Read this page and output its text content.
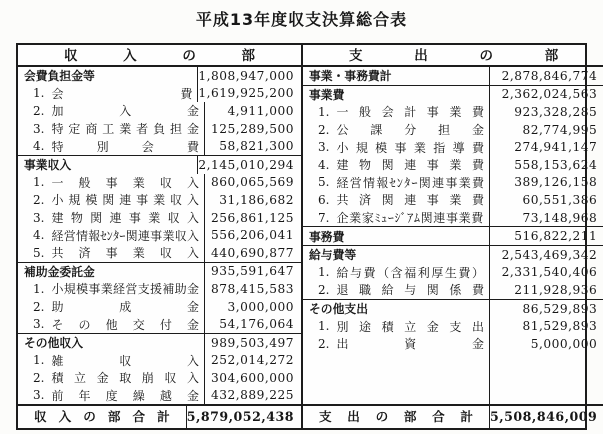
平成13年度収支決算総合表
収入の部
会費負担金等	1,808,947,000
1. 会費 1,619,925,200
2. 加入金	4,911,000
3. 特定商工業者負担金 125,289,500
4. 特別会費	58,821,300
事業収入	2,145,010,294
1. 一般事業収入 860,065,569
2. 小規模関連事業収入	31,186,682
3. 建物関連事業収入 256,861,125
4. 経営情報ｾﾝﾀｰ関連事業収入 556,206,041
5. 共済事業収入 440,690,877
補助金委託金	935,591,647
1. 小規模事業経営支援補助金 878,415,583
2. 助成金	3,000,000
3. その他交付金	54,176,064
その他収入	989,503,497
1. 雑収入 252,014,272
2. 積立金取崩収入 304,600,000
3. 前年度繰越金 432,889,225
収入の部合計	5,879,052,438
支出の部
事業・事務費計	2,878,846,774
事業費	2,362,024,563
1. 一般会計事業費	923,328,285
2. 公課分担金	82,774,995
3. 小規模事業指導費	274,941,147
4. 建物関連事業費	558,153,624
5. 経営情報ｾﾝﾀｰ関連事業費	389,126,158
6. 共済関連事業費	60,551,386
7. 企業家ﾐｭｰｼﾞｱﾑ関連事業費	73,148,968
事務費	516,822,211
給与費等	2,543,469,342
1. 給与費（含福利厚生費）	2,331,540,406
2. 退職給与関係費	211,928,936
その他支出	86,529,893
1. 別途積立金支出	81,529,893
2. 出資金	5,000,000
支出の部合計	5,508,846,009
